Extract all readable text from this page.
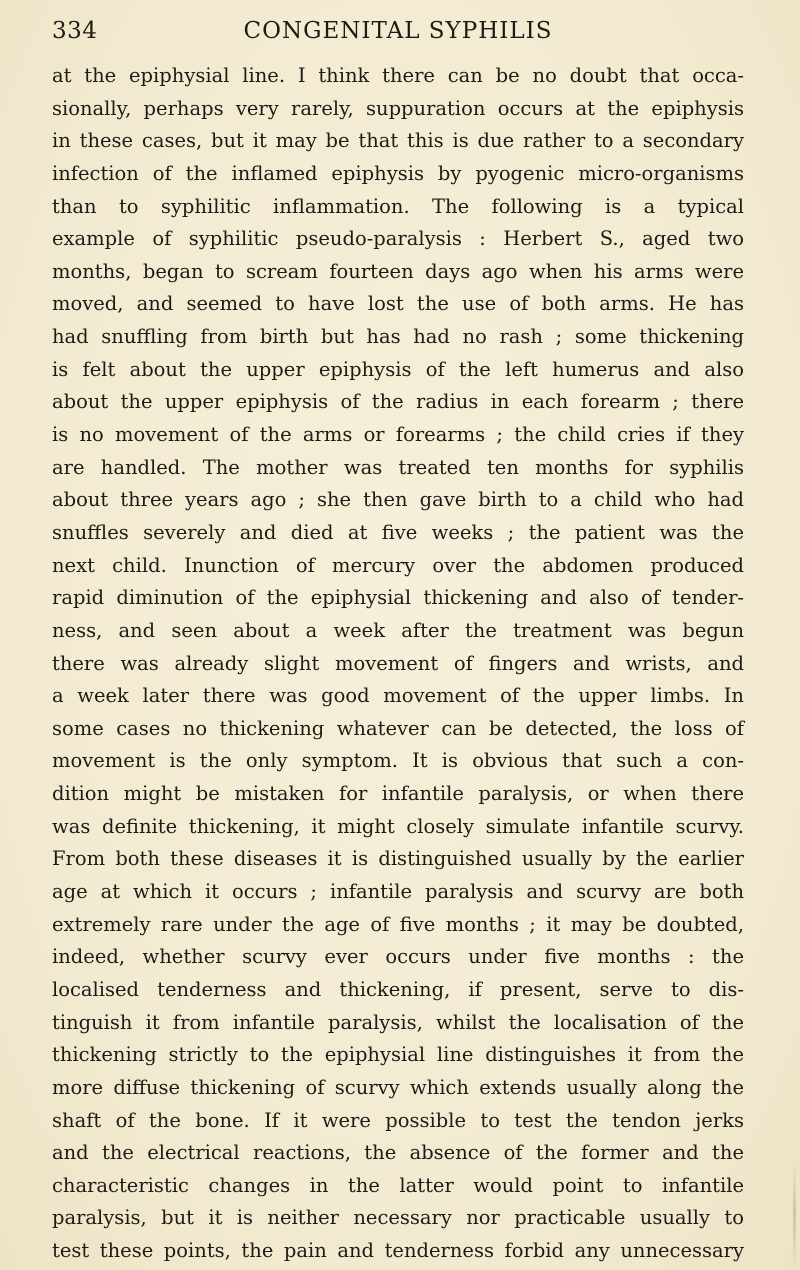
334	CONGENITAL SYPHILIS
at the epiphysial line. I think there can be no doubt that occa-
sionally, perhaps very rarely, suppuration occurs at the epiphysis
in these cases, but it may be that this is due rather to a secondary
infection of the inflamed epiphysis by pyogenic micro-organisms
than to syphilitic inflammation. The following is a typical
example of syphilitic pseudo-paralysis : Herbert S., aged two
months, began to scream fourteen days ago when his arms were
moved, and seemed to have lost the use of both arms. He has
had snuffling from birth but has had no rash ; some thickening
is felt about the upper epiphysis of the left humerus and also
about the upper epiphysis of the radius in each forearm ; there
is no movement of the arms or forearms ; the child cries if they
are handled. The mother was treated ten months for syphilis
about three years ago ; she then gave birth to a child who had
snuffles severely and died at five weeks ; the patient was the
next child. Inunction of mercury over the abdomen produced
rapid diminution of the epiphysial thickening and also of tender-
ness, and seen about a week after the treatment was begun
there was already slight movement of fingers and wrists, and
a week later there was good movement of the upper limbs. In
some cases no thickening whatever can be detected, the loss of
movement is the only symptom. It is obvious that such a con-
dition might be mistaken for infantile paralysis, or when there
was definite thickening, it might closely simulate infantile scurvy.
From both these diseases it is distinguished usually by the earlier
age at which it occurs ; infantile paralysis and scurvy are both
extremely rare under the age of five months ; it may be doubted,
indeed, whether scurvy ever occurs under five months : the
localised tenderness and thickening, if present, serve to dis-
tinguish it from infantile paralysis, whilst the localisation of the
thickening strictly to the epiphysial line distinguishes it from the
more diffuse thickening of scurvy which extends usually along the
shaft of the bone. If it were possible to test the tendon jerks
and the electrical reactions, the absence of the former and the
characteristic changes in the latter would point to infantile
paralysis, but it is neither necessary nor practicable usually to
test these points, the pain and tenderness forbid any unnecessary
